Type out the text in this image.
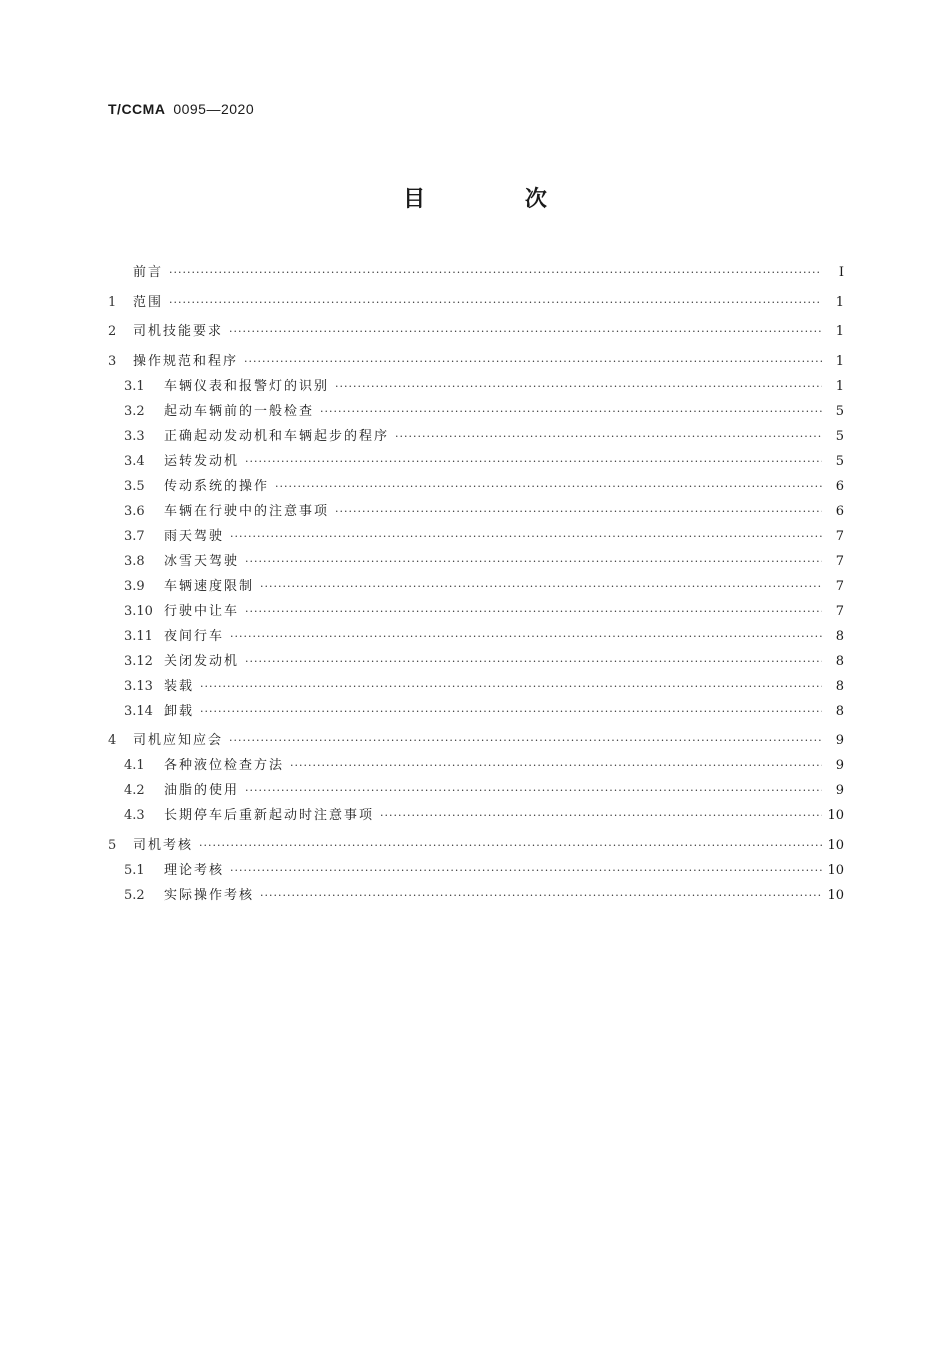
T/CCMA 0095—2020
目 次
前言 ·····	Ⅰ
1	范围 ·····	1
2	司机技能要求 ·····	1
3	操作规范和程序 ·····	1
3.1	车辆仪表和报警灯的识别 ·····	1
3.2	起动车辆前的一般检查 ·····	5
3.3	正确起动发动机和车辆起步的程序 ·····	5
3.4	运转发动机 ·····	5
3.5	传动系统的操作 ·····	6
3.6	车辆在行驶中的注意事项 ·····	6
3.7	雨天驾驶 ·····	7
3.8	冰雪天驾驶 ·····	7
3.9	车辆速度限制 ·····	7
3.10 行驶中让车 ·····	7
3.11 夜间行车 ·····	8
3.12 关闭发动机 ·····	8
3.13 装载 ·····	8
3.14 卸载 ·····	8
4	司机应知应会 ·····	9
4.1	各种液位检查方法 ·····	9
4.2	油脂的使用 ·····	9
4.3	长期停车后重新起动时注意事项 ·····	10
5	司机考核 ·····	10
5.1	理论考核 ·····	10
5.2	实际操作考核 ·····	10
